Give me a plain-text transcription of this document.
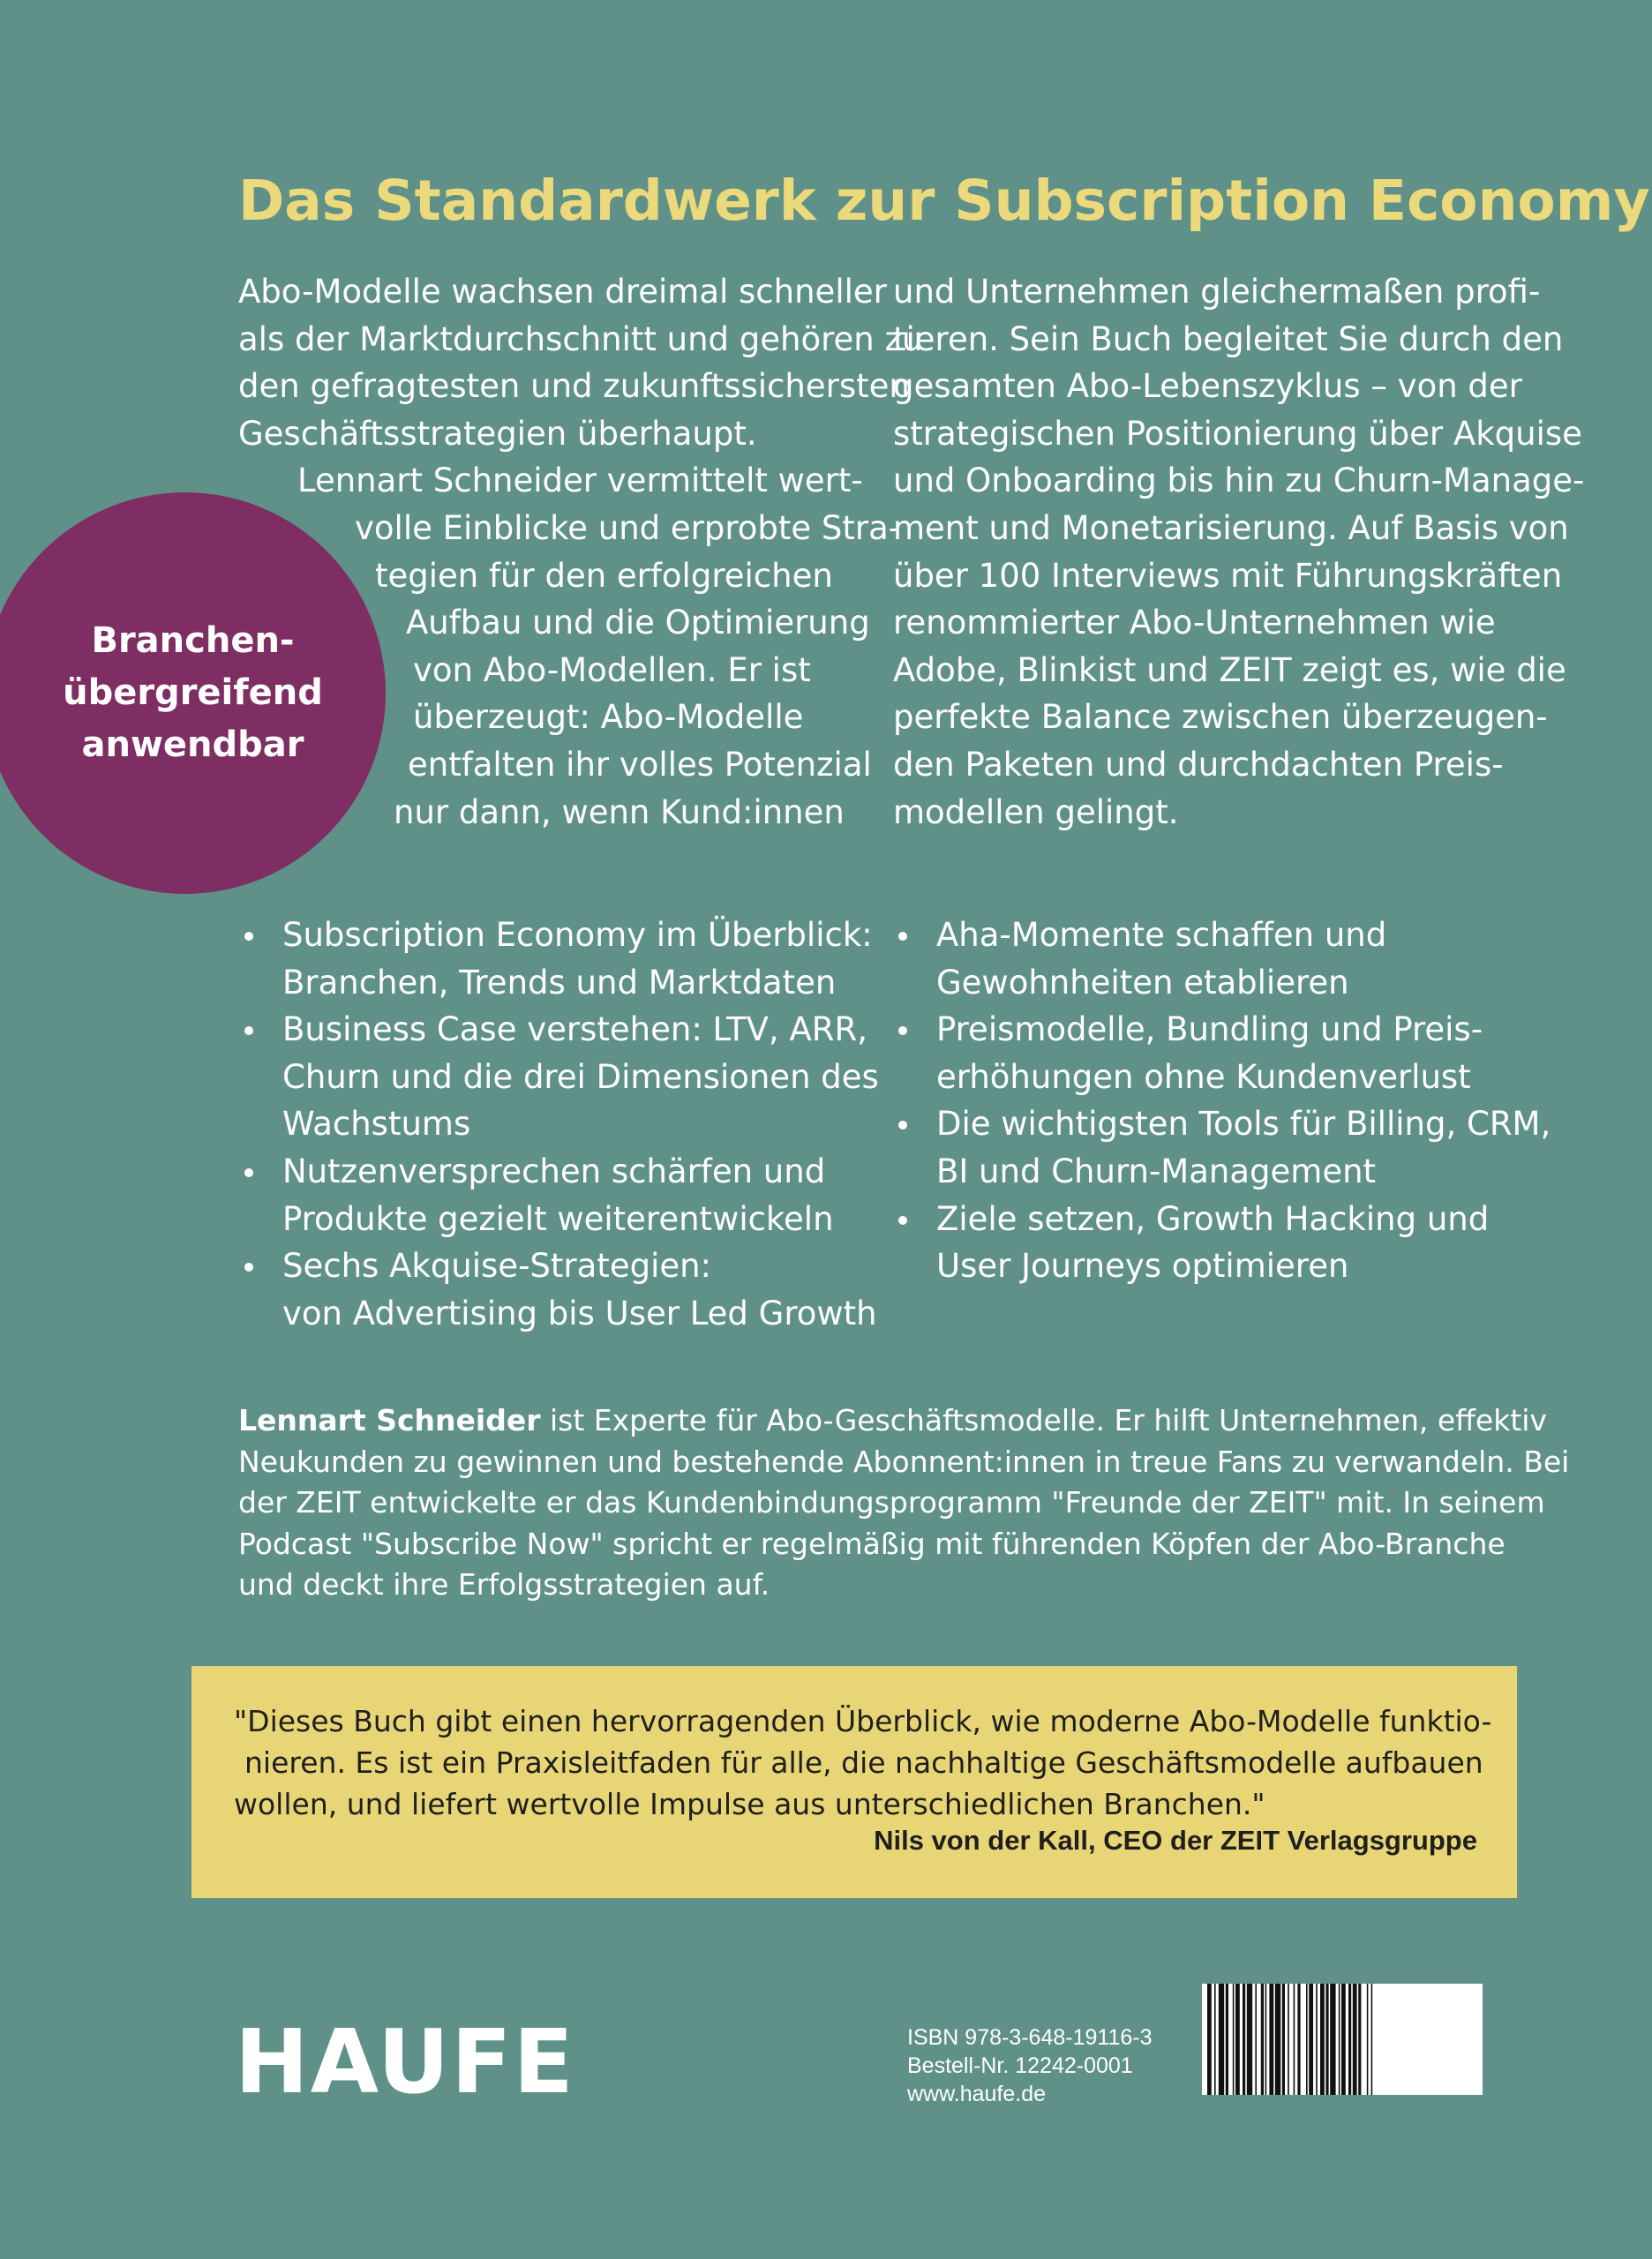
Das Standardwerk zur Subscription Economy
Branchen-
übergreifend
anwendbar
Abo-Modelle wachsen dreimal schneller
als der Marktdurchschnitt und gehören zu
den gefragtesten und zukunftssichersten
Geschäftsstrategien überhaupt.
Lennart Schneider vermittelt wert-
volle Einblicke und erprobte Stra-
tegien für den erfolgreichen
Aufbau und die Optimierung
von Abo-Modellen. Er ist
überzeugt: Abo-Modelle
entfalten ihr volles Potenzial
nur dann, wenn Kund:innen
und Unternehmen gleichermaßen profi-
tieren. Sein Buch begleitet Sie durch den
gesamten Abo-Lebenszyklus – von der
strategischen Positionierung über Akquise
und Onboarding bis hin zu Churn-Manage-
ment und Monetarisierung. Auf Basis von
über 100 Interviews mit Führungskräften
renommierter Abo-Unternehmen wie
Adobe, Blinkist und ZEIT zeigt es, wie die
perfekte Balance zwischen überzeugen-
den Paketen und durchdachten Preis-
modellen gelingt.
Subscription Economy im Überblick:
Branchen, Trends und Marktdaten
Business Case verstehen: LTV, ARR,
Churn und die drei Dimensionen des
Wachstums
Nutzenversprechen schärfen und
Produkte gezielt weiterentwickeln
Sechs Akquise-Strategien:
von Advertising bis User Led Growth
Aha-Momente schaffen und
Gewohnheiten etablieren
Preismodelle, Bundling und Preis-
erhöhungen ohne Kundenverlust
Die wichtigsten Tools für Billing, CRM,
BI und Churn-Management
Ziele setzen, Growth Hacking und
User Journeys optimieren
Lennart Schneider ist Experte für Abo-Geschäftsmodelle. Er hilft Unternehmen, effektiv
Neukunden zu gewinnen und bestehende Abonnent:innen in treue Fans zu verwandeln. Bei
der ZEIT entwickelte er das Kundenbindungsprogramm "Freunde der ZEIT" mit. In seinem
Podcast "Subscribe Now" spricht er regelmäßig mit führenden Köpfen der Abo-Branche
und deckt ihre Erfolgsstrategien auf.
"Dieses Buch gibt einen hervorragenden Überblick, wie moderne Abo-Modelle funktio-
nieren. Es ist ein Praxisleitfaden für alle, die nachhaltige Geschäftsmodelle aufbauen
wollen, und liefert wertvolle Impulse aus unterschiedlichen Branchen."
Nils von der Kall, CEO der ZEIT Verlagsgruppe
HAUFE	ISBN 978-3-648-19116-3
Bestell-Nr. 12242-0001
www.haufe.de
